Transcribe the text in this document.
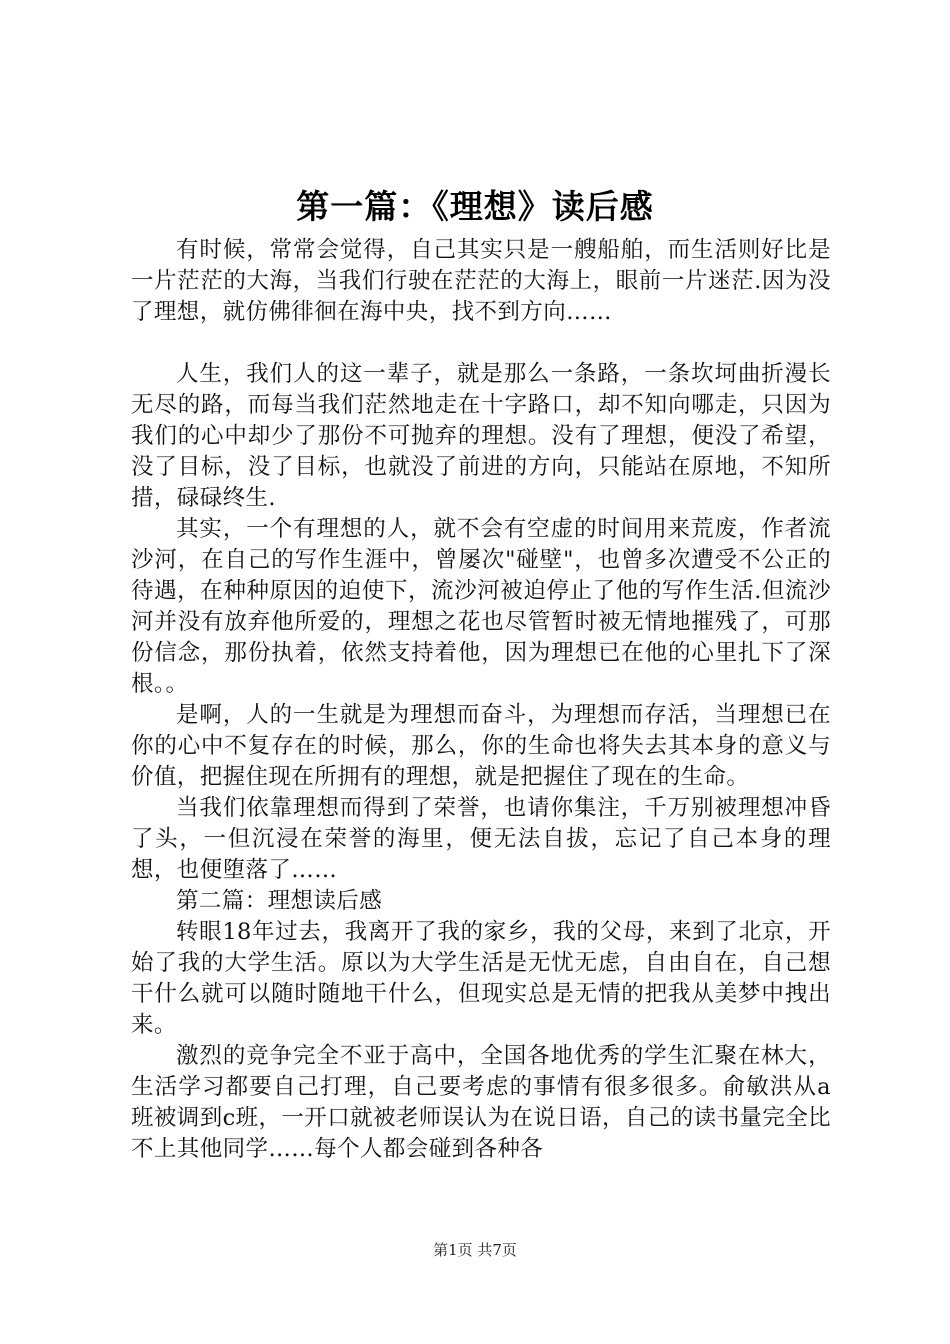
第一篇：《理想》读后感

有时候，常常会觉得，自己其实只是一艘船舶，而生活则好比是一片茫茫的大海，当我们行驶在茫茫的大海上，眼前一片迷茫.因为没了理想，就仿佛徘徊在海中央，找不到方向……

人生，我们人的这一辈子，就是那么一条路，一条坎坷曲折漫长无尽的路，而每当我们茫然地走在十字路口，却不知向哪走，只因为我们的心中却少了那份不可抛弃的理想。没有了理想，便没了希望，没了目标，没了目标，也就没了前进的方向，只能站在原地，不知所措，碌碌终生.

其实，一个有理想的人，就不会有空虚的时间用来荒废，作者流沙河，在自己的写作生涯中，曾屡次"碰壁"，也曾多次遭受不公正的待遇，在种种原因的迫使下，流沙河被迫停止了他的写作生活.但流沙河并没有放弃他所爱的，理想之花也尽管暂时被无情地摧残了，可那份信念，那份执着，依然支持着他，因为理想已在他的心里扎下了深根。。

是啊，人的一生就是为理想而奋斗，为理想而存活，当理想已在你的心中不复存在的时候，那么，你的生命也将失去其本身的意义与价值，把握住现在所拥有的理想，就是把握住了现在的生命。

当我们依靠理想而得到了荣誉，也请你集注，千万别被理想冲昏了头，一但沉浸在荣誉的海里，便无法自拔，忘记了自己本身的理想，也便堕落了……

第二篇：理想读后感

转眼18年过去，我离开了我的家乡，我的父母，来到了北京，开始了我的大学生活。原以为大学生活是无忧无虑，自由自在，自己想干什么就可以随时随地干什么，但现实总是无情的把我从美梦中拽出来。

激烈的竞争完全不亚于高中，全国各地优秀的学生汇聚在林大，生活学习都要自己打理，自己要考虑的事情有很多很多。俞敏洪从a班被调到c班，一开口就被老师误认为在说日语，自己的读书量完全比不上其他同学……每个人都会碰到各种各

第1页 共7页
